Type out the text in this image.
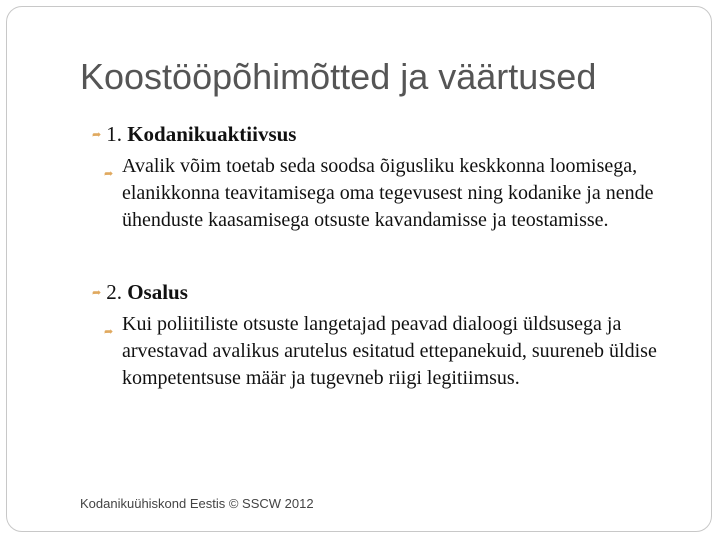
Koostööpõhimõtted ja väärtused
➦ 1. Kodanikuaktiivsus
➦ Avalik võim toetab seda soodsa õigusliku keskkonna loomisega, elanikkonna teavitamisega oma tegevusest ning kodanike ja nende ühenduste kaasamisega otsuste kavandamisse ja teostamisse.
➦ 2. Osalus
➦ Kui poliitiliste otsuste langetajad peavad dialoogi üldsusega ja arvestavad avalikus arutelus esitatud ettepanekuid, suureneb üldise kompetentsuse määr ja tugevneb riigi legitiimsus.
Kodanikuühiskond Eestis © SSCW 2012
